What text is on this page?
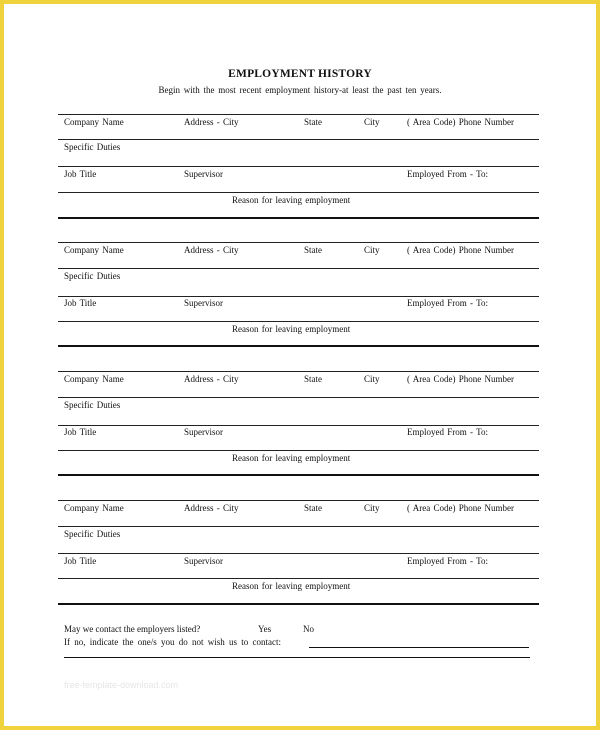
EMPLOYMENT HISTORY
Begin with the most recent employment history-at least the past ten years.
Company Name	Address - City	State	City	( Area Code) Phone Number
Specific Duties
Job Title	Supervisor	Employed From - To:
Reason for leaving employment
Company Name	Address - City	State	City	( Area Code) Phone Number
Specific Duties
Job Title	Supervisor	Employed From - To:
Reason for leaving employment
Company Name	Address - City	State	City	( Area Code) Phone Number
Specific Duties
Job Title	Supervisor	Employed From - To:
Reason for leaving employment
Company Name	Address - City	State	City	( Area Code) Phone Number
Specific Duties
Job Title	Supervisor	Employed From - To:
Reason for leaving employment
May we contact the employers listed?	Yes	No
If no, indicate the one/s you do not wish us to contact:
free-template-download.com
